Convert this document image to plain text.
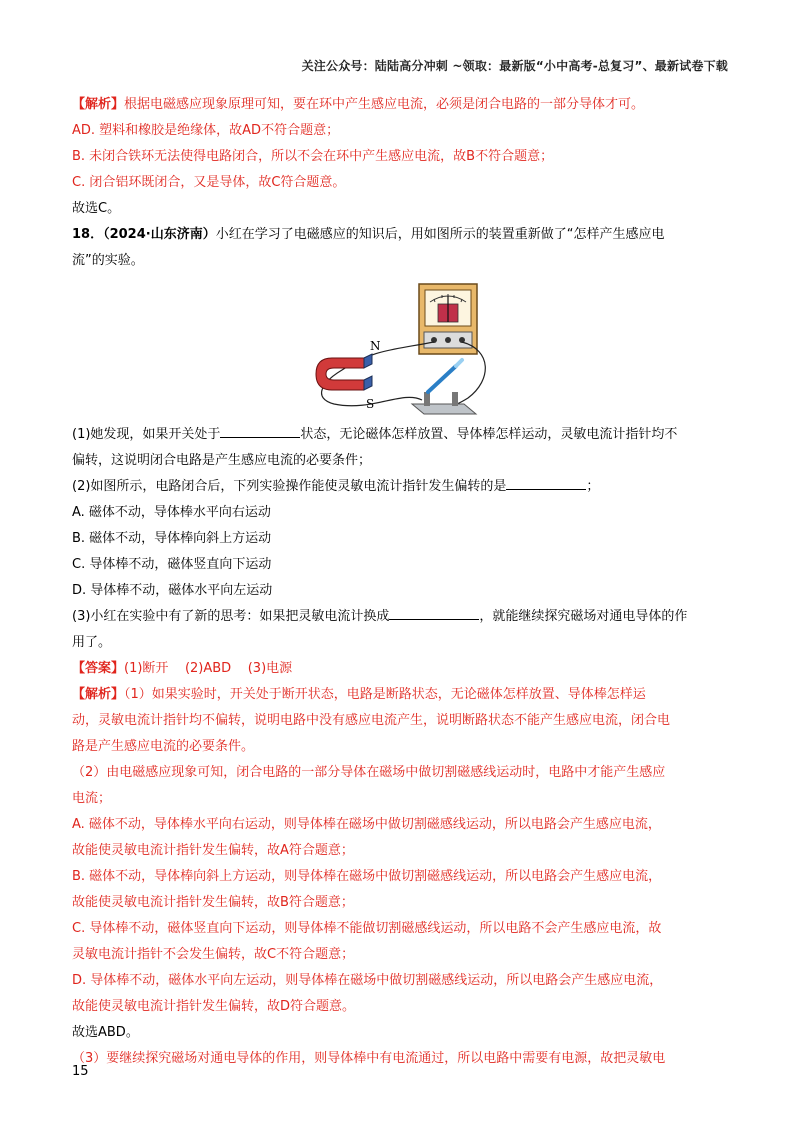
关注公众号：陆陆高分冲刺 ~领取：最新版“小中高考-总复习”、最新试卷下载
【解析】根据电磁感应现象原理可知，要在环中产生感应电流，必须是闭合电路的一部分导体才可。
AD. 塑料和橡胶是绝缘体，故AD不符合题意；
B. 未闭合铁环无法使得电路闭合，所以不会在环中产生感应电流，故B不符合题意；
C. 闭合铝环既闭合，又是导体，故C符合题意。
故选C。
18．（2024·山东济南）小红在学习了电磁感应的知识后，用如图所示的装置重新做了“怎样产生感应电
流”的实验。
N
S
(1)她发现，如果开关处于	状态，无论磁体怎样放置、导体棒怎样运动，灵敏电流计指针均不
偏转，这说明闭合电路是产生感应电流的必要条件；
(2)如图所示，电路闭合后，下列实验操作能使灵敏电流计指针发生偏转的是	；
A. 磁体不动，导体棒水平向右运动
B. 磁体不动，导体棒向斜上方运动
C. 导体棒不动，磁体竖直向下运动
D. 导体棒不动，磁体水平向左运动
(3)小红在实验中有了新的思考：如果把灵敏电流计换成	，就能继续探究磁场对通电导体的作
用了。
【答案】(1)断开    (2)ABD    (3)电源
【解析】（1）如果实验时，开关处于断开状态，电路是断路状态，无论磁体怎样放置、导体棒怎样运
动，灵敏电流计指针均不偏转，说明电路中没有感应电流产生，说明断路状态不能产生感应电流，闭合电
路是产生感应电流的必要条件。
（2）由电磁感应现象可知，闭合电路的一部分导体在磁场中做切割磁感线运动时，电路中才能产生感应
电流；
A. 磁体不动，导体棒水平向右运动，则导体棒在磁场中做切割磁感线运动，所以电路会产生感应电流，
故能使灵敏电流计指针发生偏转，故A符合题意；
B. 磁体不动，导体棒向斜上方运动，则导体棒在磁场中做切割磁感线运动，所以电路会产生感应电流，
故能使灵敏电流计指针发生偏转，故B符合题意；
C. 导体棒不动，磁体竖直向下运动，则导体棒不能做切割磁感线运动，所以电路不会产生感应电流，故
灵敏电流计指针不会发生偏转，故C不符合题意；
D. 导体棒不动，磁体水平向左运动，则导体棒在磁场中做切割磁感线运动，所以电路会产生感应电流，
故能使灵敏电流计指针发生偏转，故D符合题意。
故选ABD。
（3）要继续探究磁场对通电导体的作用，则导体棒中有电流通过，所以电路中需要有电源，故把灵敏电
15
